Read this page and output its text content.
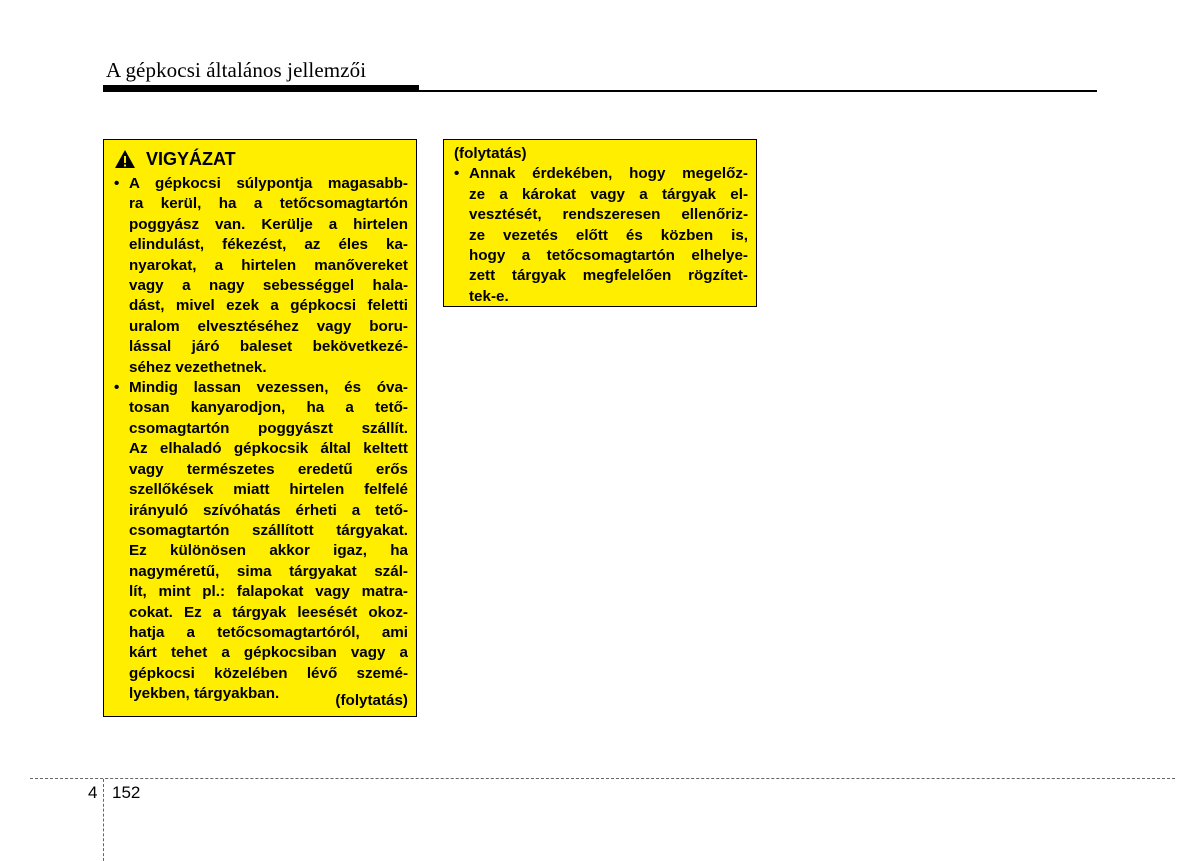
A gépkocsi általános jellemzői
VIGYÁZAT
• A gépkocsi súlypontja magasabb-
ra kerül, ha a tetőcsomagtartón
poggyász van. Kerülje a hirtelen
elindulást, fékezést, az éles ka-
nyarokat, a hirtelen manővereket
vagy a nagy sebességgel hala-
dást, mivel ezek a gépkocsi feletti
uralom elvesztéséhez vagy boru-
lással járó baleset bekövetkezé-
séhez vezethetnek.
• Mindig lassan vezessen, és óva-
tosan kanyarodjon, ha a tető-
csomagtartón poggyászt szállít.
Az elhaladó gépkocsik által keltett
vagy természetes eredetű erős
szellőkések miatt hirtelen felfelé
irányuló szívóhatás érheti a tető-
csomagtartón szállított tárgyakat.
Ez különösen akkor igaz, ha
nagyméretű, sima tárgyakat szál-
lít, mint pl.: falapokat vagy matra-
cokat. Ez a tárgyak leesését okoz-
hatja a tetőcsomagtartóról, ami
kárt tehet a gépkocsiban vagy a
gépkocsi közelében lévő szemé-
lyekben, tárgyakban.	(folytatás)
(folytatás)
• Annak érdekében, hogy megelőz-
ze a károkat vagy a tárgyak el-
vesztését, rendszeresen ellenőriz-
ze vezetés előtt és közben is,
hogy a tetőcsomagtartón elhelye-
zett tárgyak megfelelően rögzítet-
tek-e.
4 152
